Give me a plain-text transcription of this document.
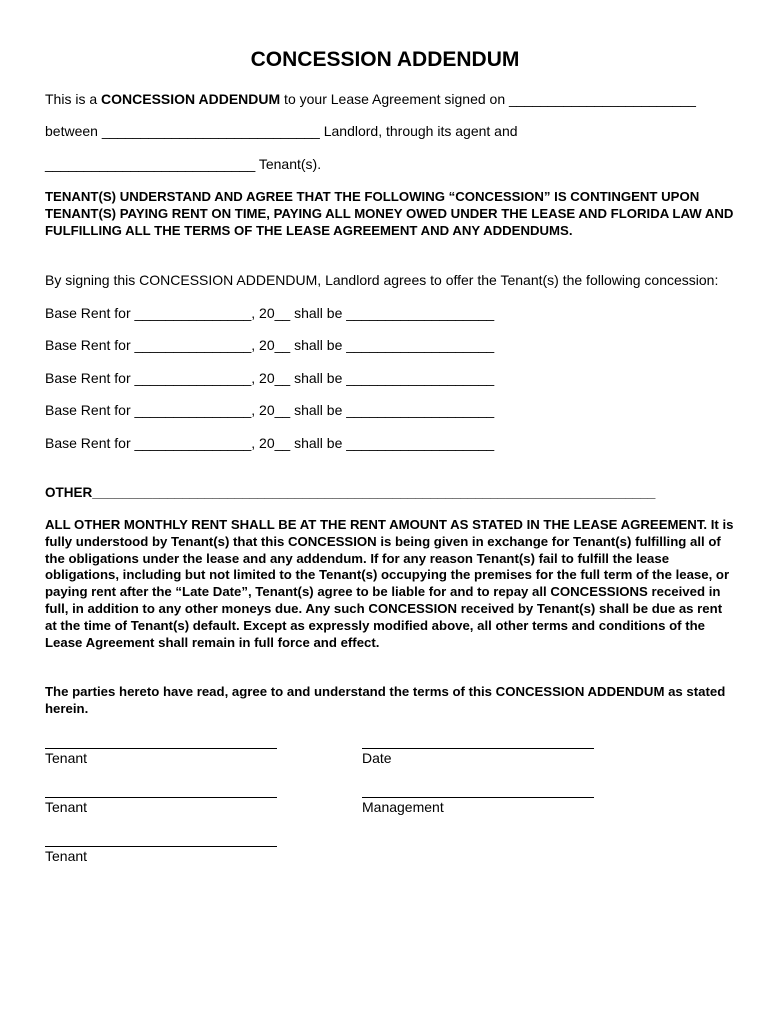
CONCESSION ADDENDUM

This is a CONCESSION ADDENDUM to your Lease Agreement signed on ________________________

between ____________________________ Landlord, through its agent and

___________________________ Tenant(s).

TENANT(S) UNDERSTAND AND AGREE THAT THE FOLLOWING “CONCESSION” IS CONTINGENT UPON TENANT(S) PAYING RENT ON TIME, PAYING ALL MONEY OWED UNDER THE LEASE AND FLORIDA LAW AND FULFILLING ALL THE TERMS OF THE LEASE AGREEMENT AND ANY ADDENDUMS.

By signing this CONCESSION ADDENDUM, Landlord agrees to offer the Tenant(s) the following concession:

Base Rent for _______________, 20__ shall be ___________________

Base Rent for _______________, 20__ shall be ___________________

Base Rent for _______________, 20__ shall be ___________________

Base Rent for _______________, 20__ shall be ___________________

Base Rent for _______________, 20__ shall be ___________________

OTHER___________________________________________________________________________

ALL OTHER MONTHLY RENT SHALL BE AT THE RENT AMOUNT AS STATED IN THE LEASE AGREEMENT. It is fully understood by Tenant(s) that this CONCESSION is being given in exchange for Tenant(s) fulfilling all of the obligations under the lease and any addendum. If for any reason Tenant(s) fail to fulfill the lease obligations, including but not limited to the Tenant(s) occupying the premises for the full term of the lease, or paying rent after the “Late Date”, Tenant(s) agree to be liable for and to repay all CONCESSIONS received in full, in addition to any other moneys due. Any such CONCESSION received by Tenant(s) shall be due as rent at the time of Tenant(s) default. Except as expressly modified above, all other terms and conditions of the Lease Agreement shall remain in full force and effect.

The parties hereto have read, agree to and understand the terms of this CONCESSION ADDENDUM as stated herein.

Tenant	Date
Tenant	Management
Tenant
